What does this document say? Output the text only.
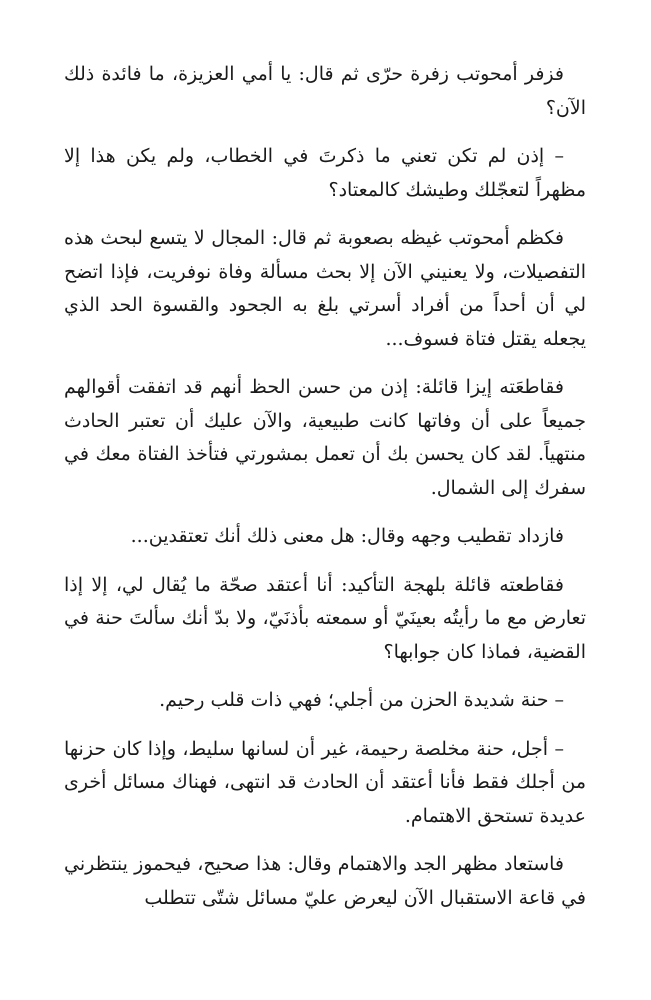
فزفر أمحوتب زفرة حرّى ثم قال: يا أمي العزيزة، ما فائدة ذلك الآن؟

– إذن لم تكن تعني ما ذكرتَ في الخطاب، ولم يكن هذا إلا مظهراً لتعجّلك وطيشك كالمعتاد؟

فكظم أمحوتب غيظه بصعوبة ثم قال: المجال لا يتسع لبحث هذه التفصيلات، ولا يعنيني الآن إلا بحث مسألة وفاة نوفريت، فإذا اتضح لي أن أحداً من أفراد أسرتي بلغ به الجحود والقسوة الحد الذي يجعله يقتل فتاة فسوف...

فقاطعَته إيزا قائلة: إذن من حسن الحظ أنهم قد اتفقت أقوالهم جميعاً على أن وفاتها كانت طبيعية، والآن عليك أن تعتبر الحادث منتهياً. لقد كان يحسن بك أن تعمل بمشورتي فتأخذ الفتاة معك في سفرك إلى الشمال.

فازداد تقطيب وجهه وقال: هل معنى ذلك أنك تعتقدين...

فقاطعته قائلة بلهجة التأكيد: أنا أعتقد صحّة ما يُقال لي، إلا إذا تعارض مع ما رأيتُه بعينَيّ أو سمعته بأذنَيّ، ولا بدّ أنك سألتَ حنة في القضية، فماذا كان جوابها؟

– حنة شديدة الحزن من أجلي؛ فهي ذات قلب رحيم.

– أجل، حنة مخلصة رحيمة، غير أن لسانها سليط، وإذا كان حزنها من أجلك فقط فأنا أعتقد أن الحادث قد انتهى، فهناك مسائل أخرى عديدة تستحق الاهتمام.

فاستعاد مظهر الجد والاهتمام وقال: هذا صحيح، فيحموز ينتظرني في قاعة الاستقبال الآن ليعرض عليّ مسائل شتّى تتطلب
